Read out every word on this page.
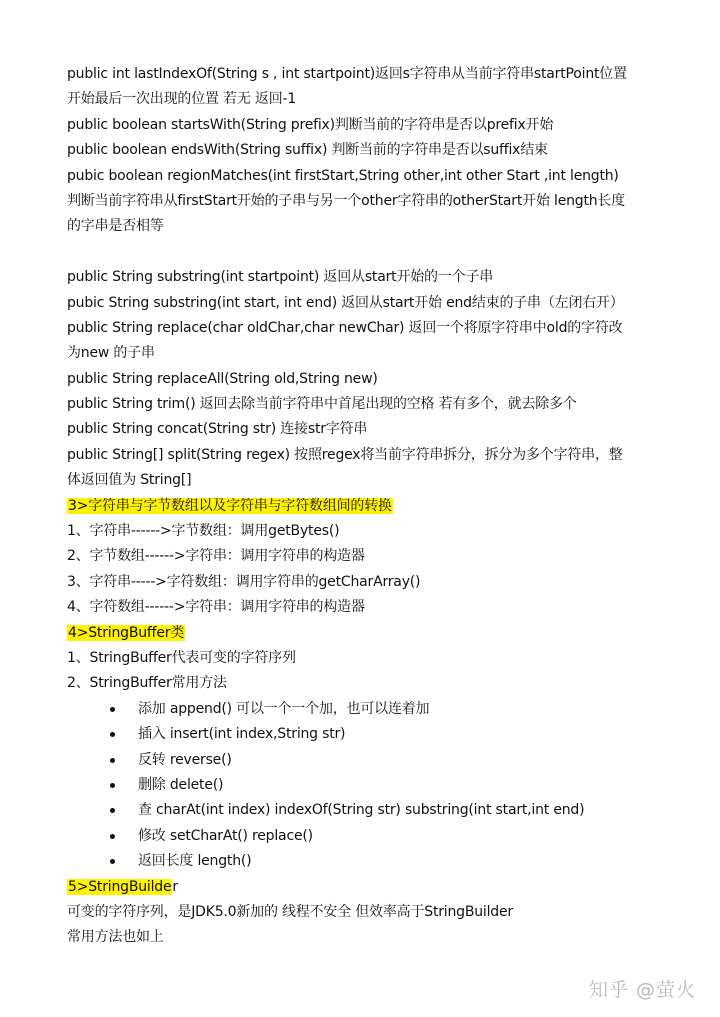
public int lastIndexOf(String s , int startpoint)返回s字符串从当前字符串startPoint位置
开始最后一次出现的位置 若无 返回-1
public boolean startsWith(String prefix)判断当前的字符串是否以prefix开始
public boolean endsWith(String suffix) 判断当前的字符串是否以suffix结束
pubic boolean regionMatches(int firstStart,String other,int other Start ,int length)
判断当前字符串从firstStart开始的子串与另一个other字符串的otherStart开始 length长度
的字串是否相等
public String substring(int startpoint) 返回从start开始的一个子串
pubic String substring(int start, int end) 返回从start开始 end结束的子串（左闭右开）
public String replace(char oldChar,char newChar) 返回一个将原字符串中old的字符改
为new 的子串
public String replaceAll(String old,String new)
public String trim() 返回去除当前字符串中首尾出现的空格 若有多个，就去除多个
public String concat(String str) 连接str字符串
public String[] split(String regex) 按照regex将当前字符串拆分，拆分为多个字符串，整
体返回值为 String[]
3>字符串与字节数组以及字符串与字符数组间的转换
1、字符串------>字节数组：调用getBytes()
2、字节数组------>字符串：调用字符串的构造器
3、字符串----->字符数组：调用字符串的getCharArray()
4、字符数组------>字符串：调用字符串的构造器
4>StringBuffer类
1、StringBuffer代表可变的字符序列
2、StringBuffer常用方法
添加 append() 可以一个一个加，也可以连着加
插入 insert(int index,String str)
反转 reverse()
删除 delete()
查 charAt(int index) indexOf(String str) substring(int start,int end)
修改 setCharAt() replace()
返回长度 length()
5>StringBuilder
可变的字符序列，是JDK5.0新加的 线程不安全 但效率高于StringBuilder
常用方法也如上
知乎 @萤火
